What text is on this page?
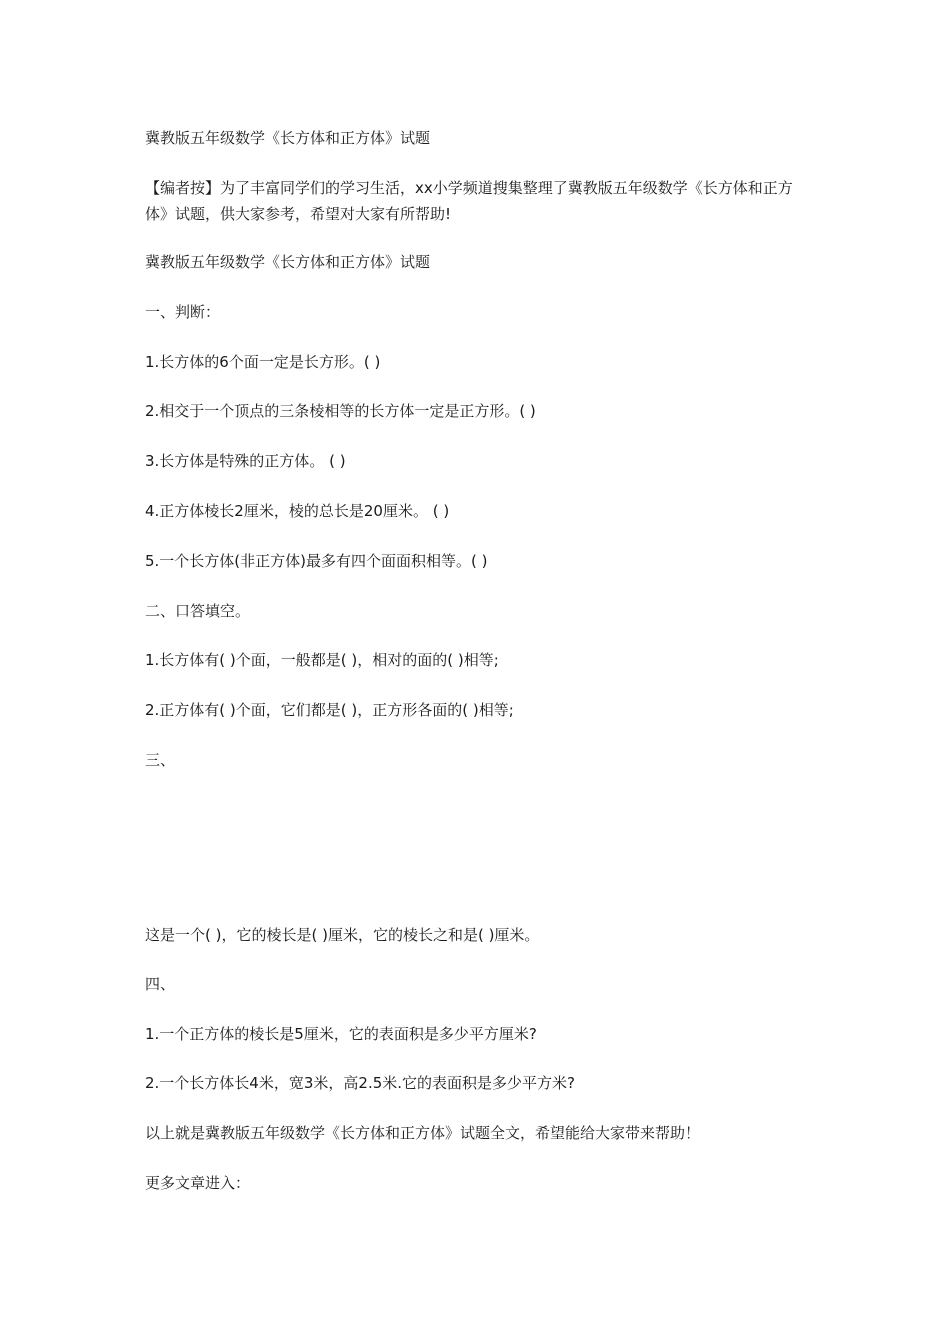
冀教版五年级数学《长方体和正方体》试题

【编者按】为了丰富同学们的学习生活，xx小学频道搜集整理了冀教版五年级数学《长方体和正方体》试题，供大家参考，希望对大家有所帮助!

冀教版五年级数学《长方体和正方体》试题

一、判断：

1.长方体的6个面一定是长方形。( )

2.相交于一个顶点的三条棱相等的长方体一定是正方形。( )

3.长方体是特殊的正方体。 ( )

4.正方体棱长2厘米，棱的总长是20厘米。 ( )

5.一个长方体(非正方体)最多有四个面面积相等。( )

二、口答填空。

1.长方体有( )个面，一般都是( )，相对的面的( )相等;

2.正方体有( )个面，它们都是( )，正方形各面的( )相等;

三、

这是一个( )，它的棱长是( )厘米，它的棱长之和是( )厘米。

四、

1.一个正方体的棱长是5厘米，它的表面积是多少平方厘米?

2.一个长方体长4米，宽3米，高2.5米.它的表面积是多少平方米?

以上就是冀教版五年级数学《长方体和正方体》试题全文，希望能给大家带来帮助！

更多文章进入：
